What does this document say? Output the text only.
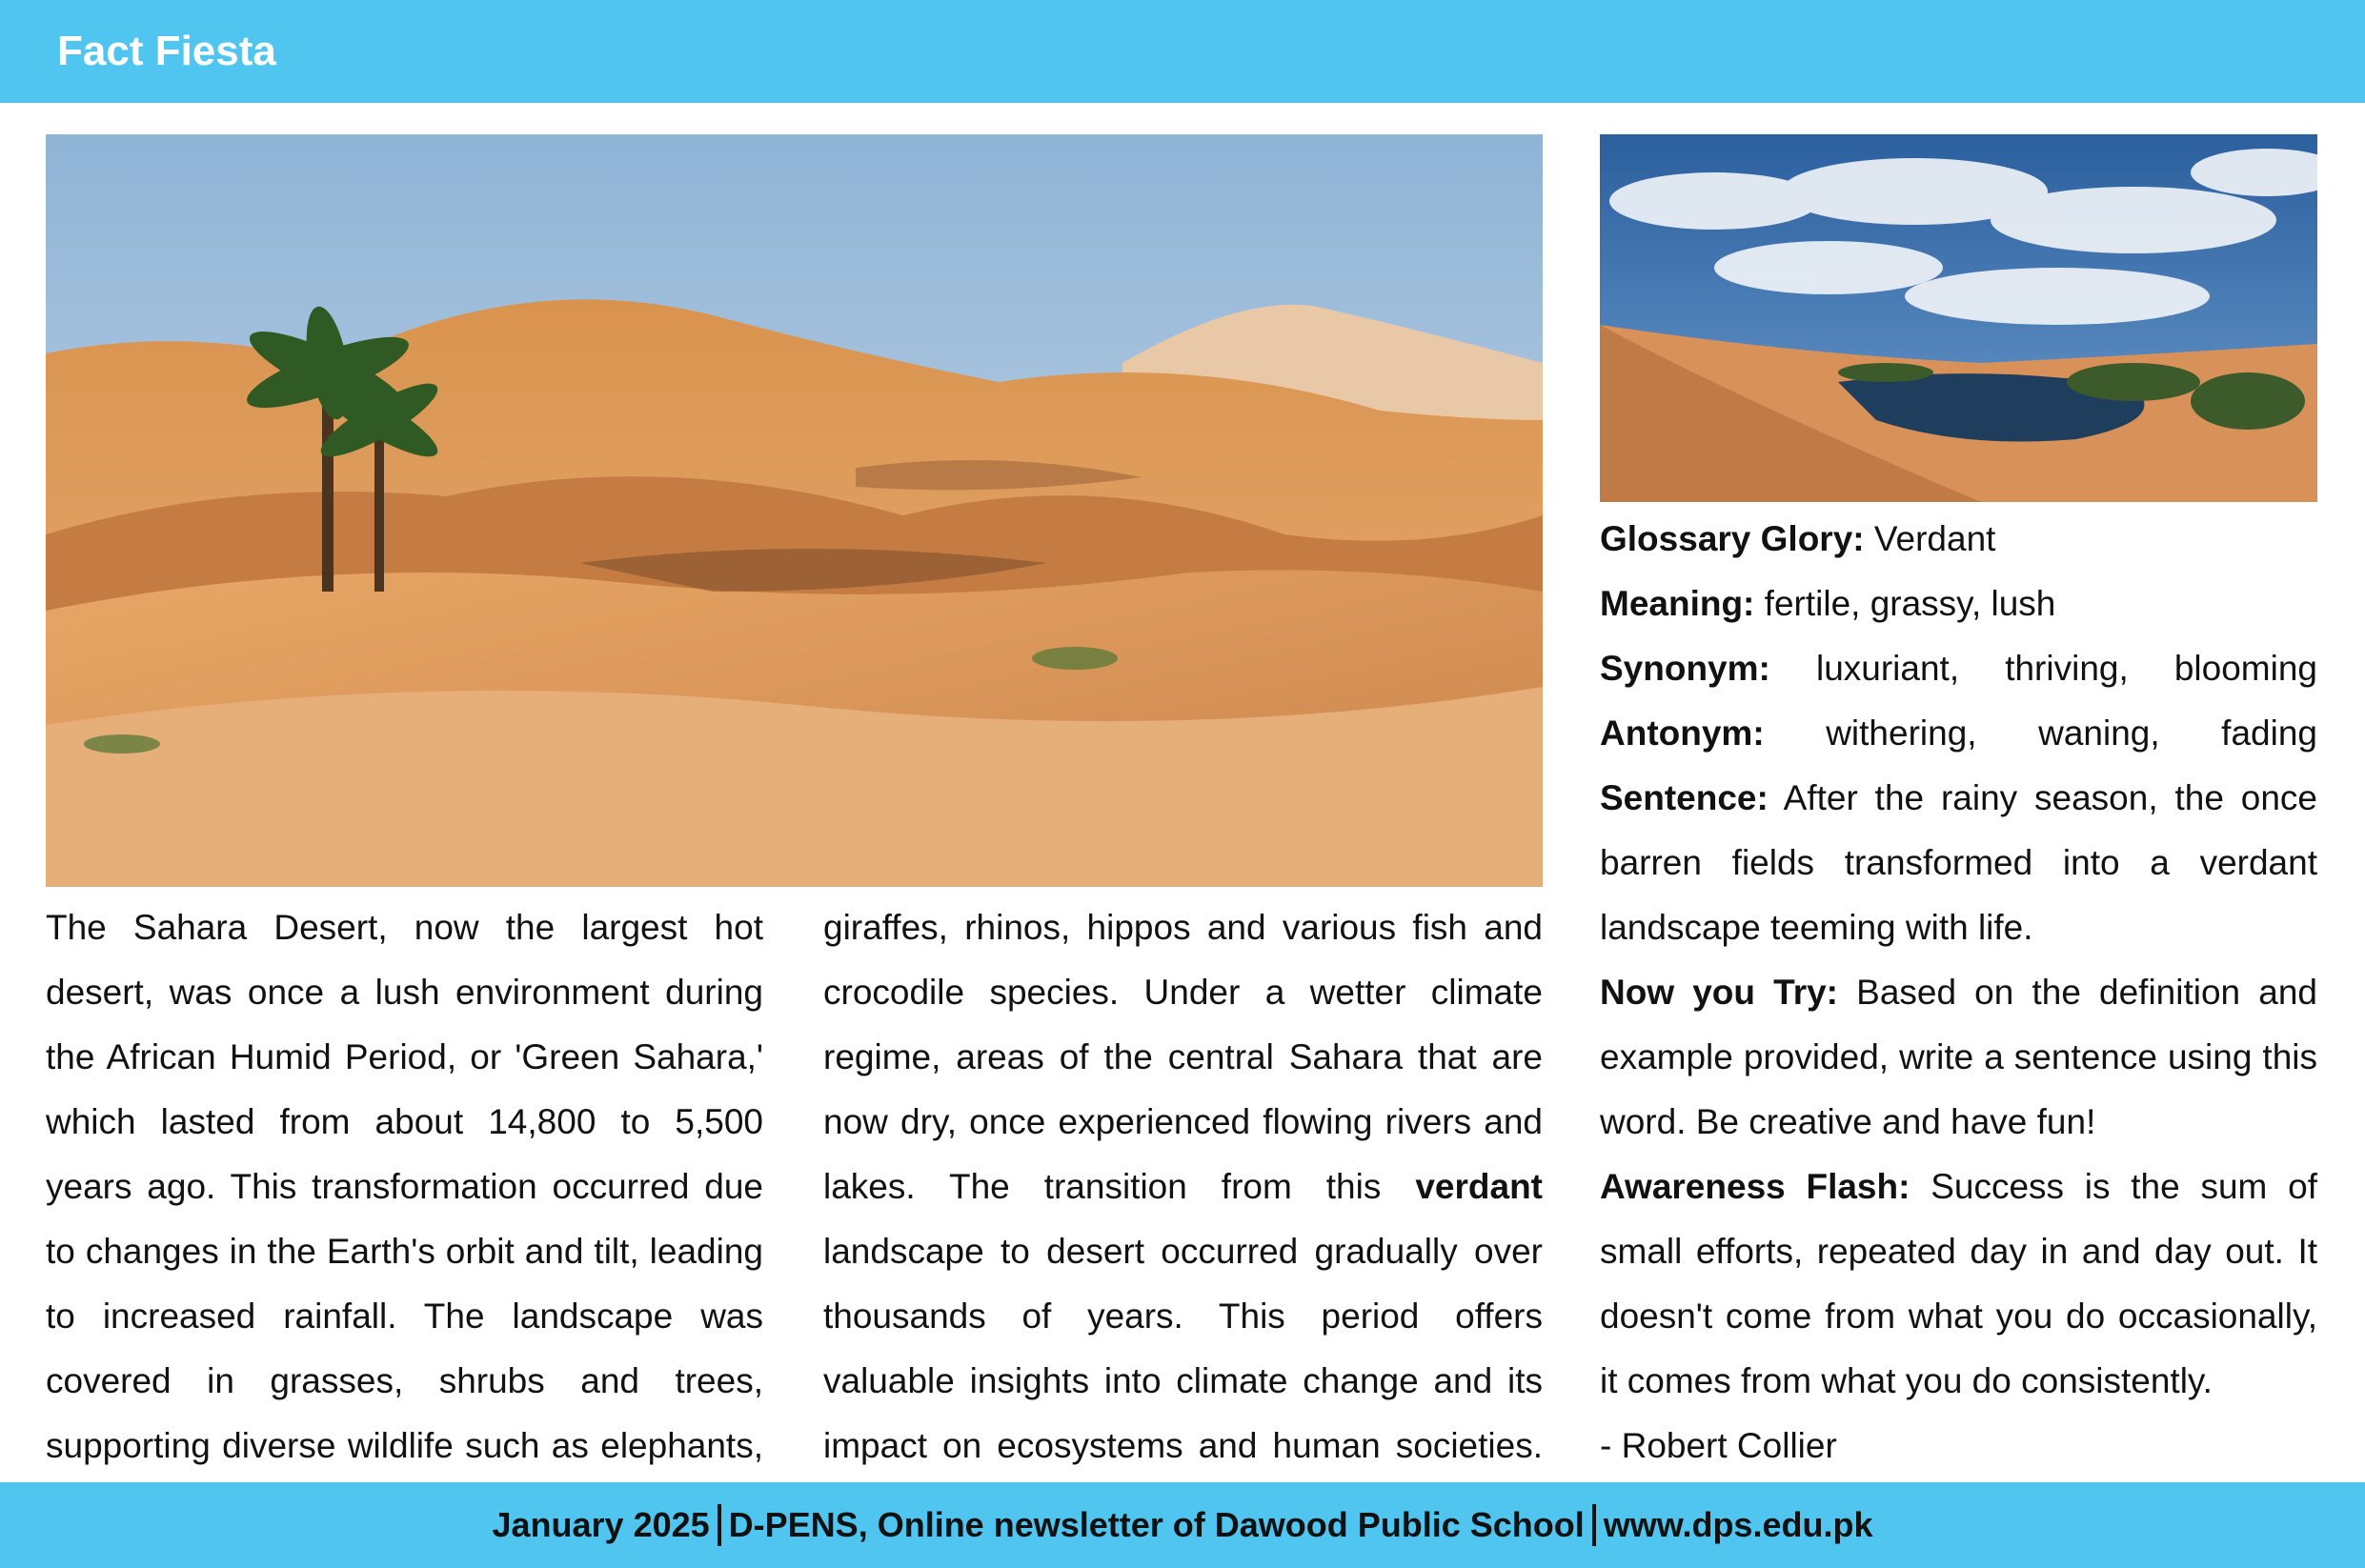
Fact Fiesta

The Sahara Desert, now the largest hot desert, was once a lush environment during the African Humid Period, or 'Green Sahara,' which lasted from about 14,800 to 5,500 years ago. This transformation occurred due to changes in the Earth's orbit and tilt, leading to increased rainfall. The landscape was covered in grasses, shrubs and trees, supporting diverse wildlife such as elephants,

giraffes, rhinos, hippos and various fish and crocodile species. Under a wetter climate regime, areas of the central Sahara that are now dry, once experienced flowing rivers and lakes. The transition from this verdant landscape to desert occurred gradually over thousands of years. This period offers valuable insights into climate change and its impact on ecosystems and human societies.

Glossary Glory: Verdant
Meaning: fertile, grassy, lush
Synonym: luxuriant, thriving, blooming
Antonym: withering, waning, fading
Sentence: After the rainy season, the once barren fields transformed into a verdant landscape teeming with life.
Now you Try: Based on the definition and example provided, write a sentence using this word. Be creative and have fun!
Awareness Flash: Success is the sum of small efforts, repeated day in and day out. It doesn't come from what you do occasionally, it comes from what you do consistently.
- Robert Collier
January 2025 D-PENS, Online newsletter of Dawood Public School www.dps.edu.pk
